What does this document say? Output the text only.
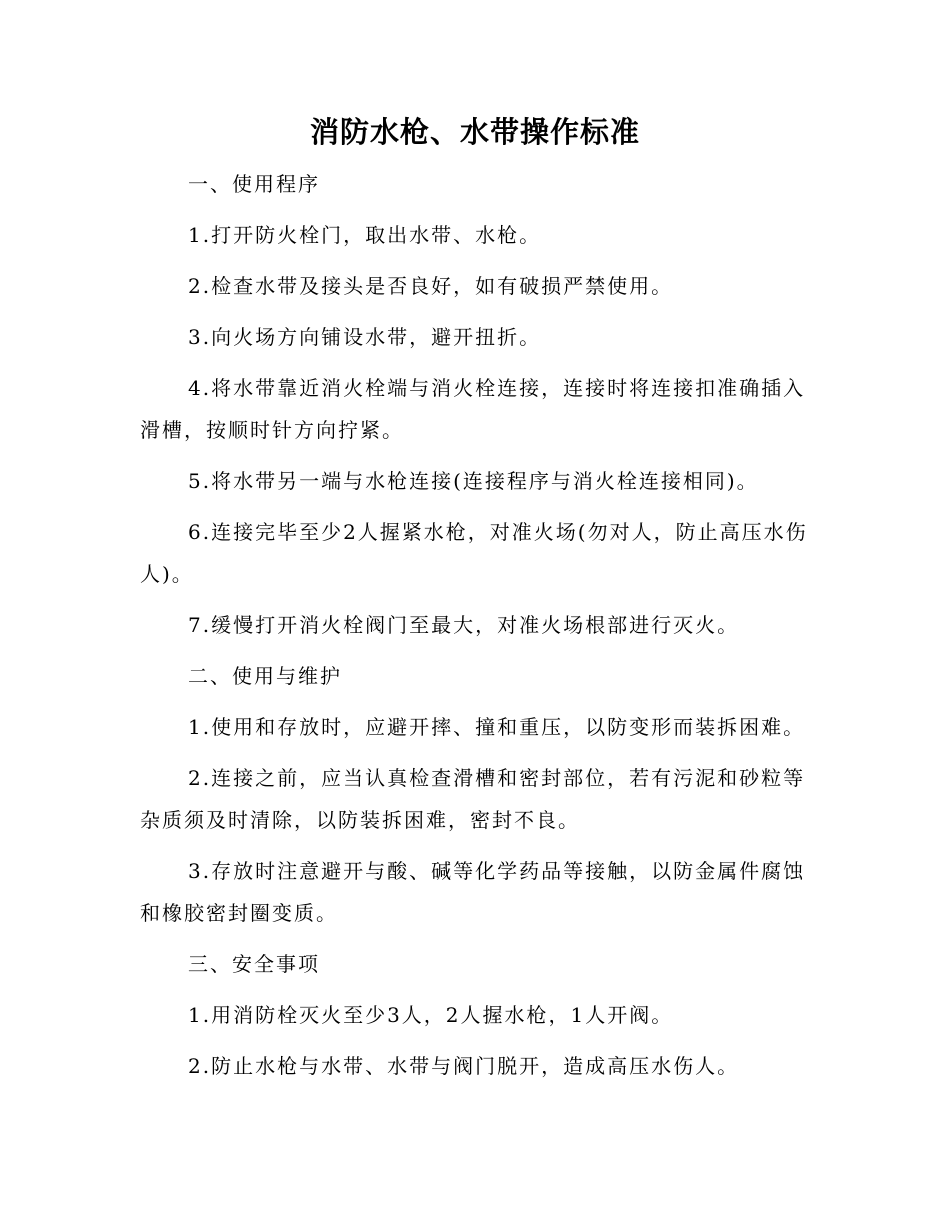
消防水枪、水带操作标准

一、使用程序

1.打开防火栓门，取出水带、水枪。

2.检查水带及接头是否良好，如有破损严禁使用。

3.向火场方向铺设水带，避开扭折。

4.将水带靠近消火栓端与消火栓连接，连接时将连接扣准确插入滑槽，按顺时针方向拧紧。

5.将水带另一端与水枪连接(连接程序与消火栓连接相同)。

6.连接完毕至少2人握紧水枪，对准火场(勿对人，防止高压水伤人)。

7.缓慢打开消火栓阀门至最大，对准火场根部进行灭火。

二、使用与维护

1.使用和存放时，应避开摔、撞和重压，以防变形而装拆困难。

2.连接之前，应当认真检查滑槽和密封部位，若有污泥和砂粒等杂质须及时清除，以防装拆困难，密封不良。

3.存放时注意避开与酸、碱等化学药品等接触，以防金属件腐蚀和橡胶密封圈变质。

三、安全事项

1.用消防栓灭火至少3人，2人握水枪，1人开阀。

2.防止水枪与水带、水带与阀门脱开，造成高压水伤人。
